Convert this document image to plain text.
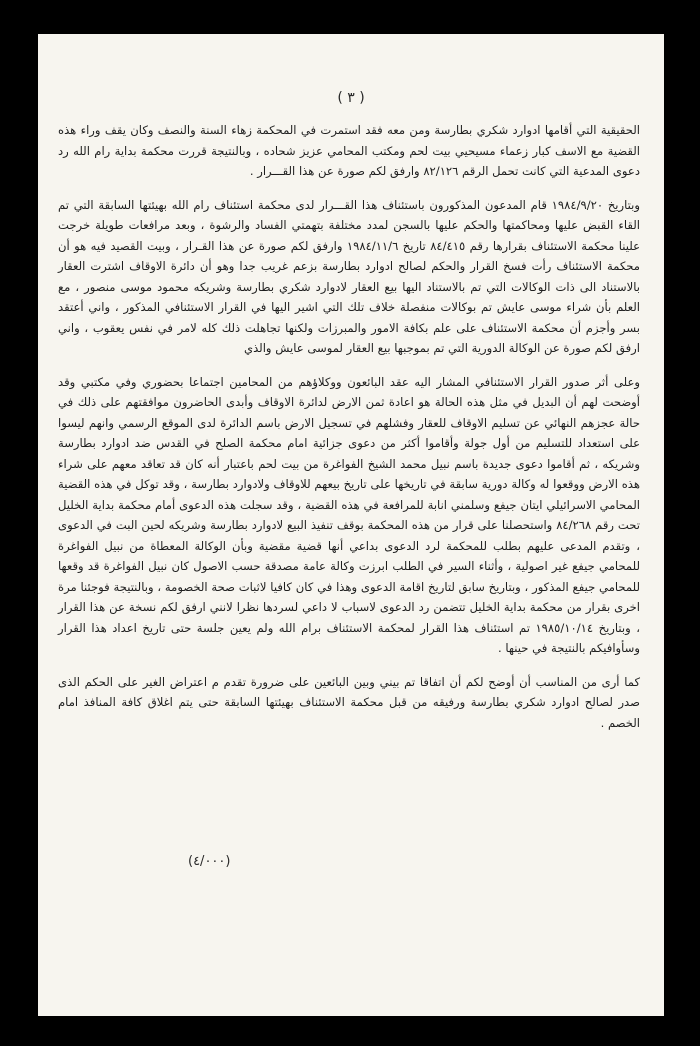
( ٣ )

الحقيقية التي أقامها ادوارد شكري بطارسة ومن معه فقد استمرت في المحكمة زهاء السنة والنصف وكان يقف وراء هذه القضية مع الاسف كبار زعماء مسيحيي بيت لحم ومكتب المحامي عزيز شحاده ، وبالنتيجة قررت محكمة بداية رام الله رد دعوى المدعية التي كانت تحمل الرقم ٨٢/١٢٦ وارفق لكم صورة عن هذا القـــرار .

وبتاريخ ١٩٨٤/٩/٢٠ قام المدعون المذكورون باستئناف هذا القـــرار لدى محكمة استئناف رام الله بهيئتها السابقة التي تم القاء القبض عليها ومحاكمتها والحكم عليها بالسجن لمدد مختلفة بتهمتي الفساد والرشوة ، وبعد مرافعات طويلة خرجت علينا محكمة الاستئناف بقرارها رقم ٨٤/٤١٥ تاريخ ١٩٨٤/١١/٦ وارفق لكم صورة عن هذا القـرار ، وبيت القصيد فيه هو أن محكمة الاستئناف رأت فسخ القرار والحكم لصالح ادوارد بطارسة بزعم غريب جدا وهو أن دائرة الاوقاف اشترت العقار بالاستناد الى ذات الوكالات التي تم بالاستناد اليها بيع العقار لادوارد شكري بطارسة وشريكه محمود موسى منصور ، مع العلم بأن شراء موسى عايش تم بوكالات منفصلة خلاف تلك التي اشير اليها في القرار الاستئنافي المذكور ، واني أعتقد بسر وأجزم أن محكمة الاستئناف على علم بكافة الامور والمبرزات ولكنها تجاهلت ذلك كله لامر في نفس يعقوب ، واني ارفق لكم صورة عن الوكالة الدورية التي تم بموجبها بيع العقار لموسى عايش والذي

وعلى أثر صدور القرار الاستئنافي المشار اليه عقد البائعون ووكلاؤهم من المحامين اجتماعا بحضوري وفي مكتبي وقد أوضحت لهم أن البديل في مثل هذه الحالة هو اعادة ثمن الارض لدائرة الاوقاف وأبدى الحاضرون موافقتهم على ذلك في حالة عجزهم النهائي عن تسليم الاوقاف للعقار وفشلهم في تسجيل الارض باسم الدائرة لدى الموقع الرسمي وانهم ليسوا على استعداد للتسليم من أول جولة وأقاموا أكثر من دعوى جزائية امام محكمة الصلح في القدس ضد ادوارد بطارسة وشريكه ، ثم أقاموا دعوى جديدة باسم نبيل محمد الشيخ الفواغرة من بيت لحم باعتبار أنه كان قد تعاقد معهم على شراء هذه الارض ووقعوا له وكالة دورية سابقة في تاريخها على تاريخ بيعهم للاوقاف ولادوارد بطارسة ، وقد توكل في هذه القضية المحامي الاسرائيلي ايتان جيفع وسلمني انابة للمرافعة في هذه القضية ، وقد سجلت هذه الدعوى أمام محكمة بداية الخليل تحت رقم ٨٤/٢٦٨ واستحصلنا على قرار من هذه المحكمة بوقف تنفيذ البيع لادوارد بطارسة وشريكه لحين البت في الدعوى ، وتقدم المدعى عليهم بطلب للمحكمة لرد الدعوى بداعي أنها قضية مقضية وبأن الوكالة المعطاة من نبيل الفواغرة للمحامي جيفع غير اصولية ، وأثناء السير في الطلب ابرزت وكالة عامة مصدقة حسب الاصول كان نبيل الفواغرة قد وقعها للمحامي جيفع المذكور ، وبتاريخ سابق لتاريخ اقامة الدعوى وهذا في كان كافيا لاثبات صحة الخصومة ، وبالنتيجة فوجئنا مرة اخرى بقرار من محكمة بداية الخليل تتضمن رد الدعوى لاسباب لا داعي لسردها نظرا لانني ارفق لكم نسخة عن هذا القرار ، وبتاريخ ١٩٨٥/١٠/١٤ تم استئناف هذا القرار لمحكمة الاستئناف برام الله ولم يعين جلسة حتى تاريخ اعداد هذا القرار وسأوافيكم بالنتيجة في حينها .

كما أرى من المناسب أن أوضح لكم أن اتفاقا تم بيني وبين البائعين على ضرورة تقدم م اعتراض الغير على الحكم الذى صدر لصالح ادوارد شكري بطارسة ورفيقه من قبل محكمة الاستئناف بهيئتها السابقة حتى يتم اغلاق كافة المنافذ امام الخصم .

(٤/٠٠٠)
